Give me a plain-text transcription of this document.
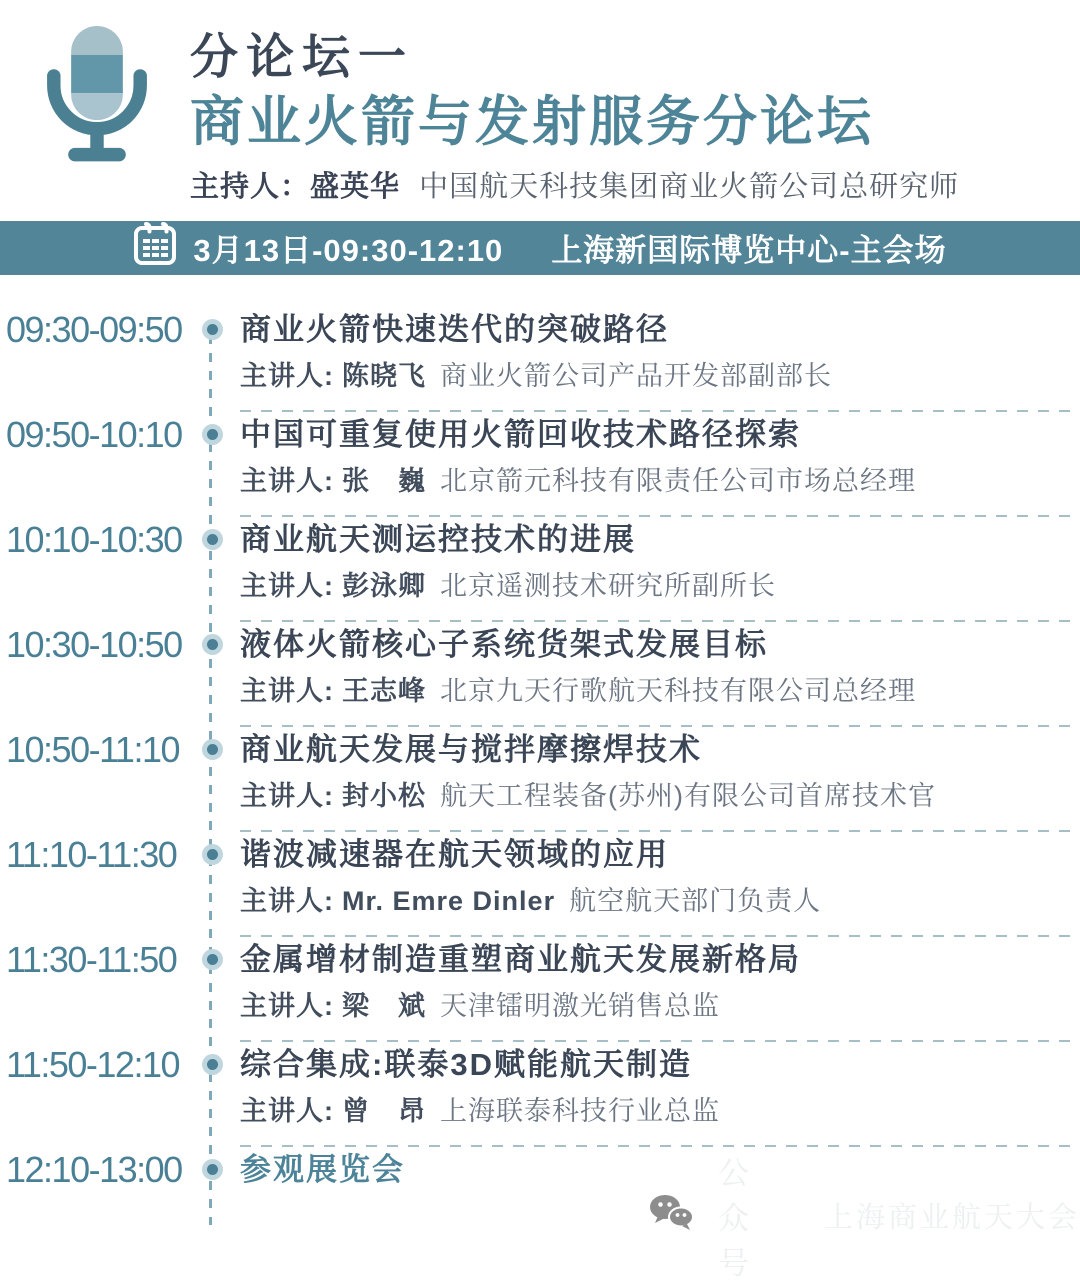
分论坛一
商业火箭与发射服务分论坛
主持人：盛英华 中国航天科技集团商业火箭公司总研究师
3月13日-09:30-12:10 上海新国际博览中心-主会场
09:30-09:50	商业火箭快速迭代的突破路径
主讲人: 陈晓飞 商业火箭公司产品开发部副部长
09:50-10:10	中国可重复使用火箭回收技术路径探索
主讲人: 张　巍 北京箭元科技有限责任公司市场总经理
10:10-10:30	商业航天测运控技术的进展
主讲人: 彭泳卿 北京遥测技术研究所副所长
10:30-10:50	液体火箭核心子系统货架式发展目标
主讲人: 王志峰 北京九天行歌航天科技有限公司总经理
10:50-11:10	商业航天发展与搅拌摩擦焊技术
主讲人: 封小松 航天工程装备(苏州)有限公司首席技术官
11:10-11:30	谐波减速器在航天领域的应用
主讲人: Mr. Emre Dinler 航空航天部门负责人
11:30-11:50	金属增材制造重塑商业航天发展新格局
主讲人: 梁　斌 天津镭明激光销售总监
11:50-12:10	综合集成:联泰3D赋能航天制造
主讲人: 曾　昂 上海联泰科技行业总监
12:10-13:00	参观展览会	公众号
上海商业航天大会
